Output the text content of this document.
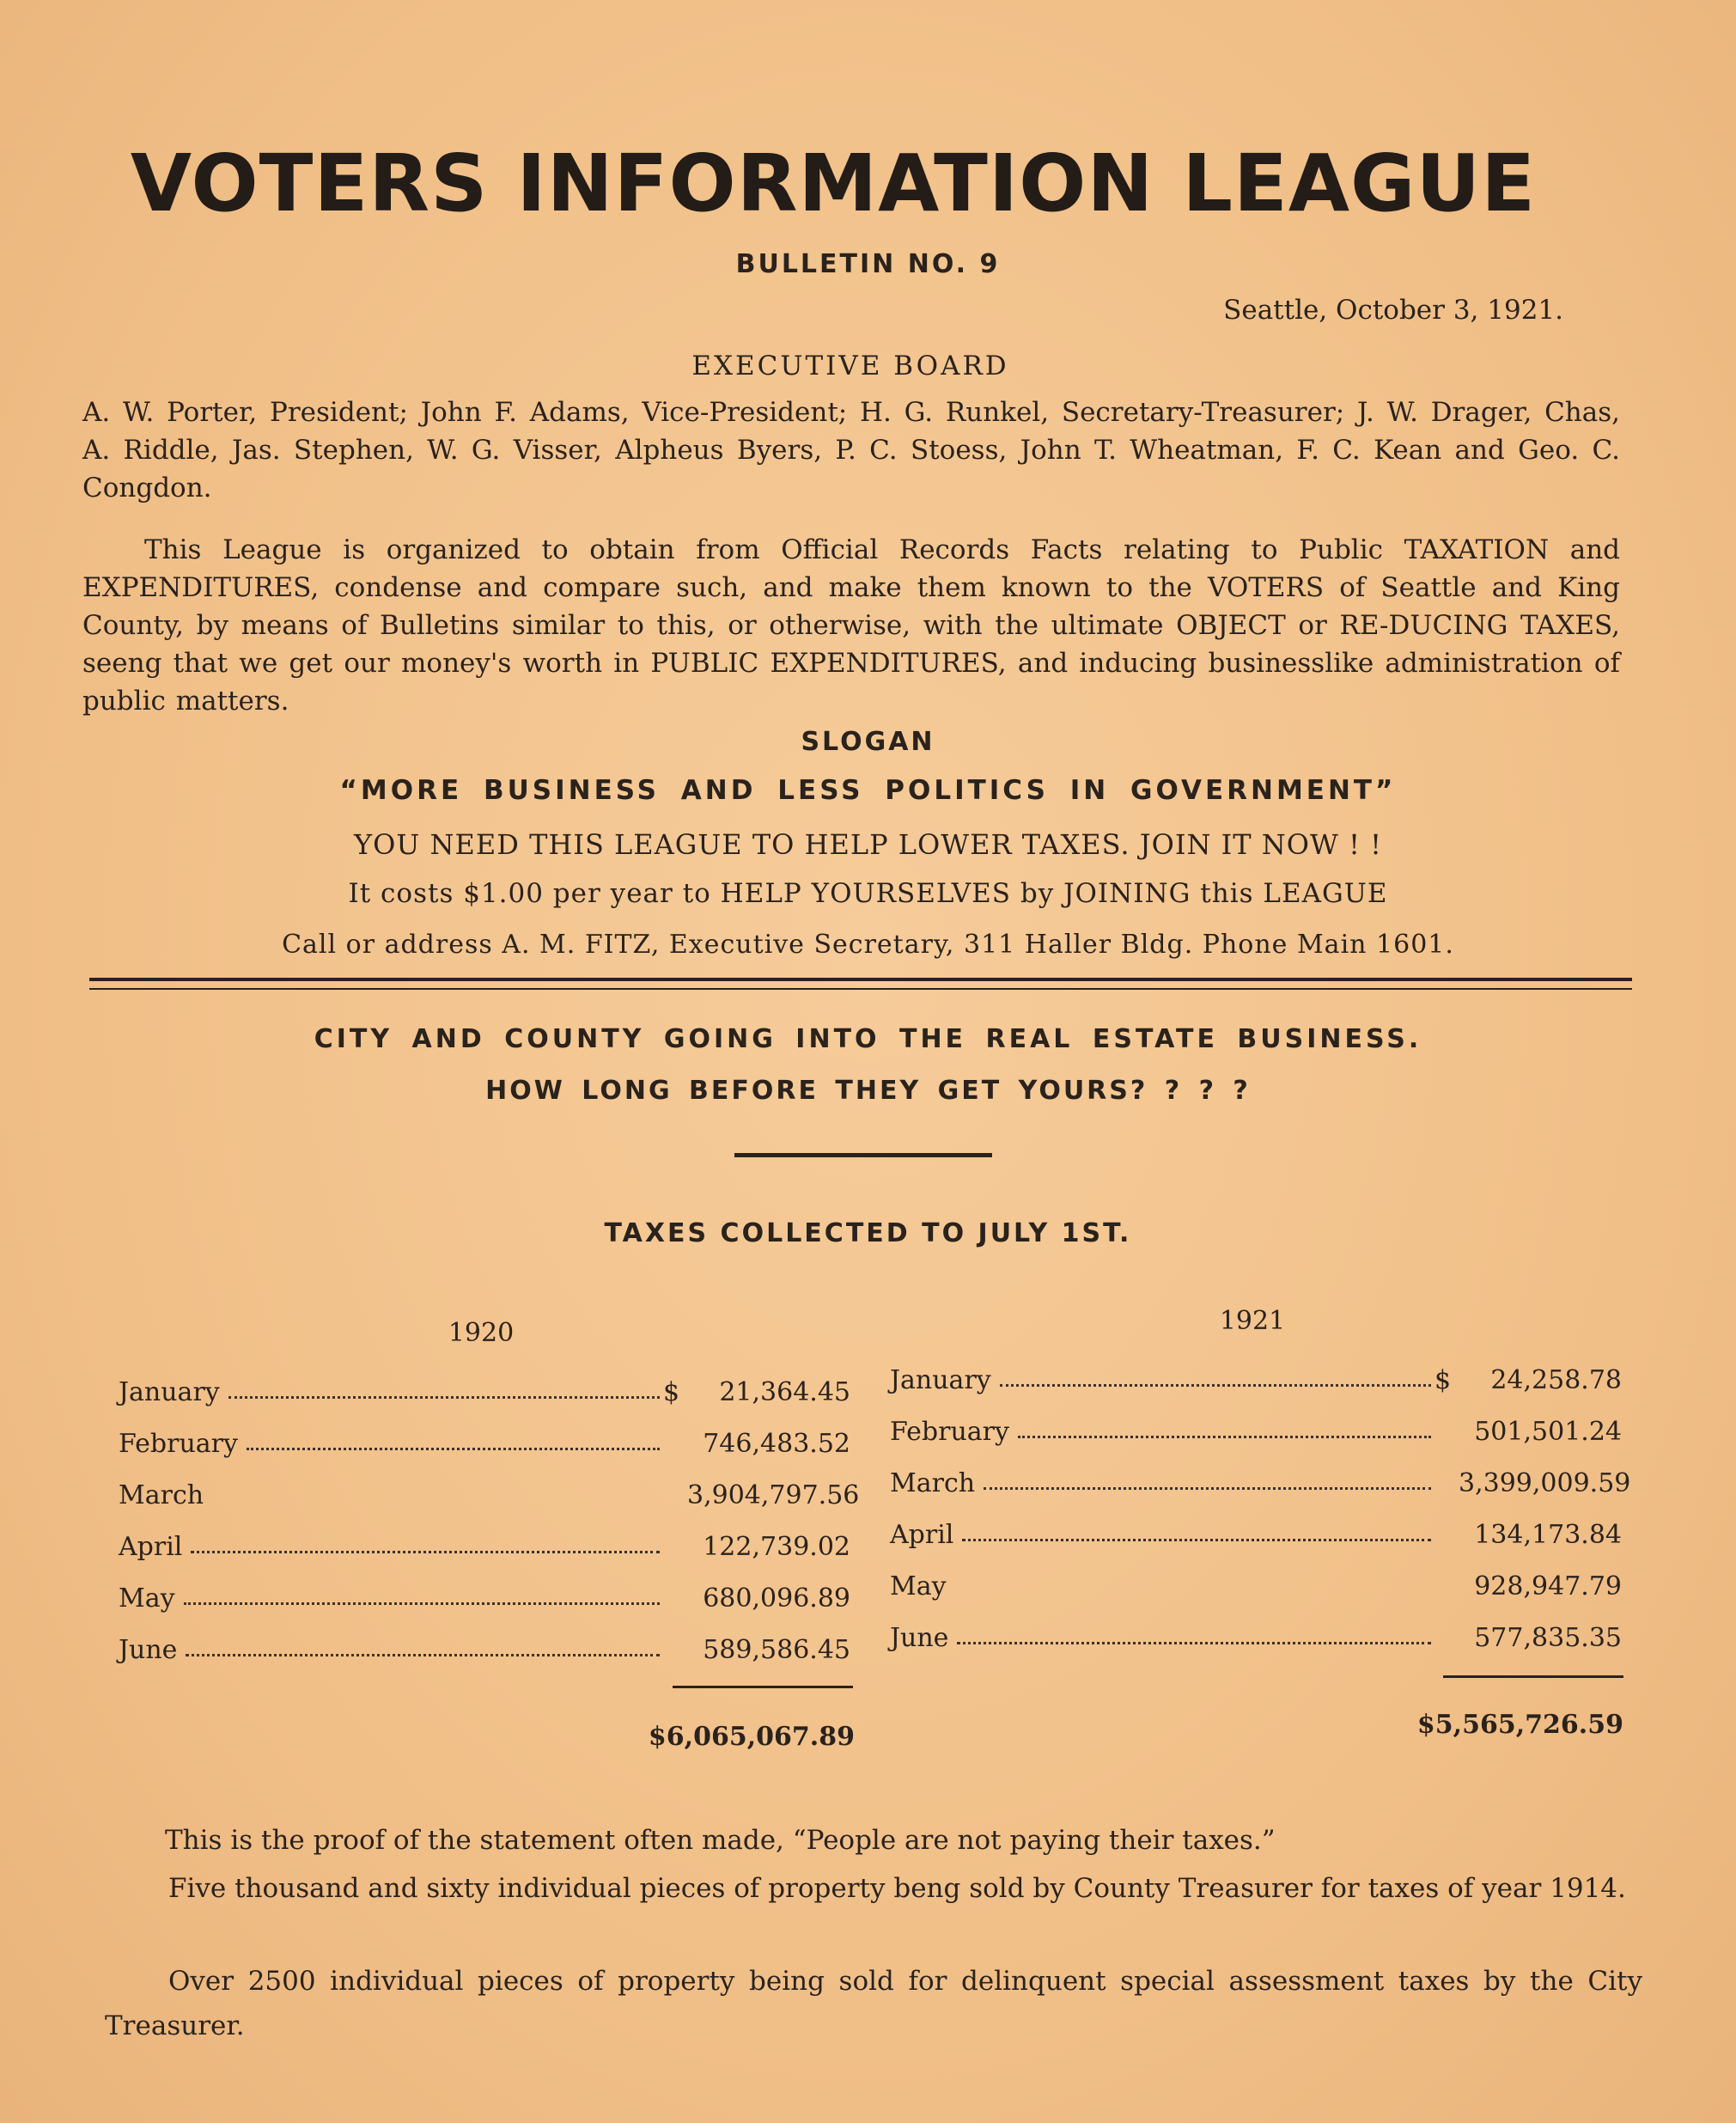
VOTERS INFORMATION LEAGUE
BULLETIN NO. 9
Seattle, October 3, 1921.
EXECUTIVE BOARD
A. W. Porter, President; John F. Adams, Vice-President; H. G. Runkel, Secretary-Treasurer; J. W. Drager, Chas, A. Riddle, Jas. Stephen, W. G. Visser, Alpheus Byers, P. C. Stoess, John T. Wheatman, F. C. Kean and Geo. C. Congdon.
This League is organized to obtain from Official Records Facts relating to Public TAXATION and EXPENDITURES, condense and compare such, and make them known to the VOTERS of Seattle and King County, by means of Bulletins similar to this, or otherwise, with the ultimate OBJECT or RE-DUCING TAXES, seeng that we get our money's worth in PUBLIC EXPENDITURES, and inducing businesslike administration of public matters.
SLOGAN
“MORE BUSINESS AND LESS POLITICS IN GOVERNMENT”
YOU NEED THIS LEAGUE TO HELP LOWER TAXES. JOIN IT NOW ! !
It costs $1.00 per year to HELP YOURSELVES by JOINING this LEAGUE
Call or address A. M. FITZ, Executive Secretary, 311 Haller Bldg. Phone Main 1601.
CITY AND COUNTY GOING INTO THE REAL ESTATE BUSINESS.
HOW LONG BEFORE THEY GET YOURS? ? ? ?
TAXES COLLECTED TO JULY 1ST.
1920
January	$	21,364.45
February	746,483.52
March	3,904,797.56
April	122,739.02
May	680,096.89
June	589,586.45
$6,065,067.89
1921
January	$	24,258.78
February	501,501.24
March	3,399,009.59
April	134,173.84
May	928,947.79
June	577,835.35
$5,565,726.59
This is the proof of the statement often made, “People are not paying their taxes.”
Five thousand and sixty individual pieces of property beng sold by County Treasurer for taxes of year 1914.
Over 2500 individual pieces of property being sold for delinquent special assessment taxes by the City Treasurer.
